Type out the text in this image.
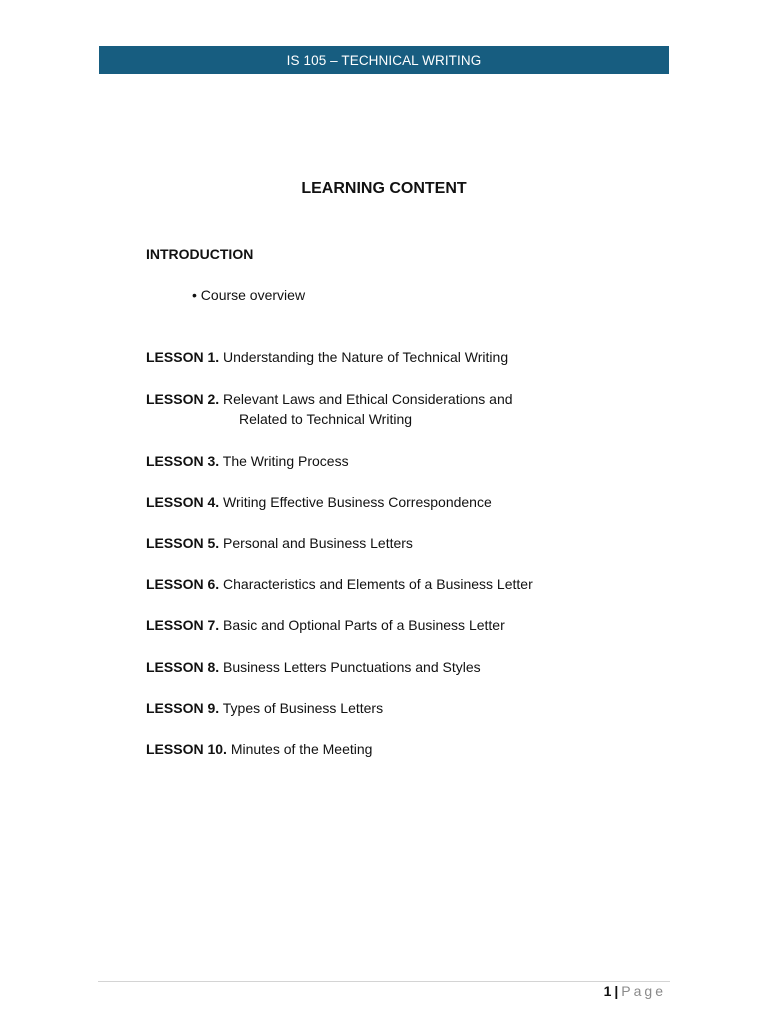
IS 105 – TECHNICAL WRITING
LEARNING CONTENT
INTRODUCTION
• Course overview
LESSON 1. Understanding the Nature of Technical Writing
LESSON 2. Relevant Laws and Ethical Considerations and
Related to Technical Writing
LESSON 3. The Writing Process
LESSON 4. Writing Effective Business Correspondence
LESSON 5. Personal and Business Letters
LESSON 6. Characteristics and Elements of a Business Letter
LESSON 7. Basic and Optional Parts of a Business Letter
LESSON 8. Business Letters Punctuations and Styles
LESSON 9. Types of Business Letters
LESSON 10. Minutes of the Meeting
1 | Page
